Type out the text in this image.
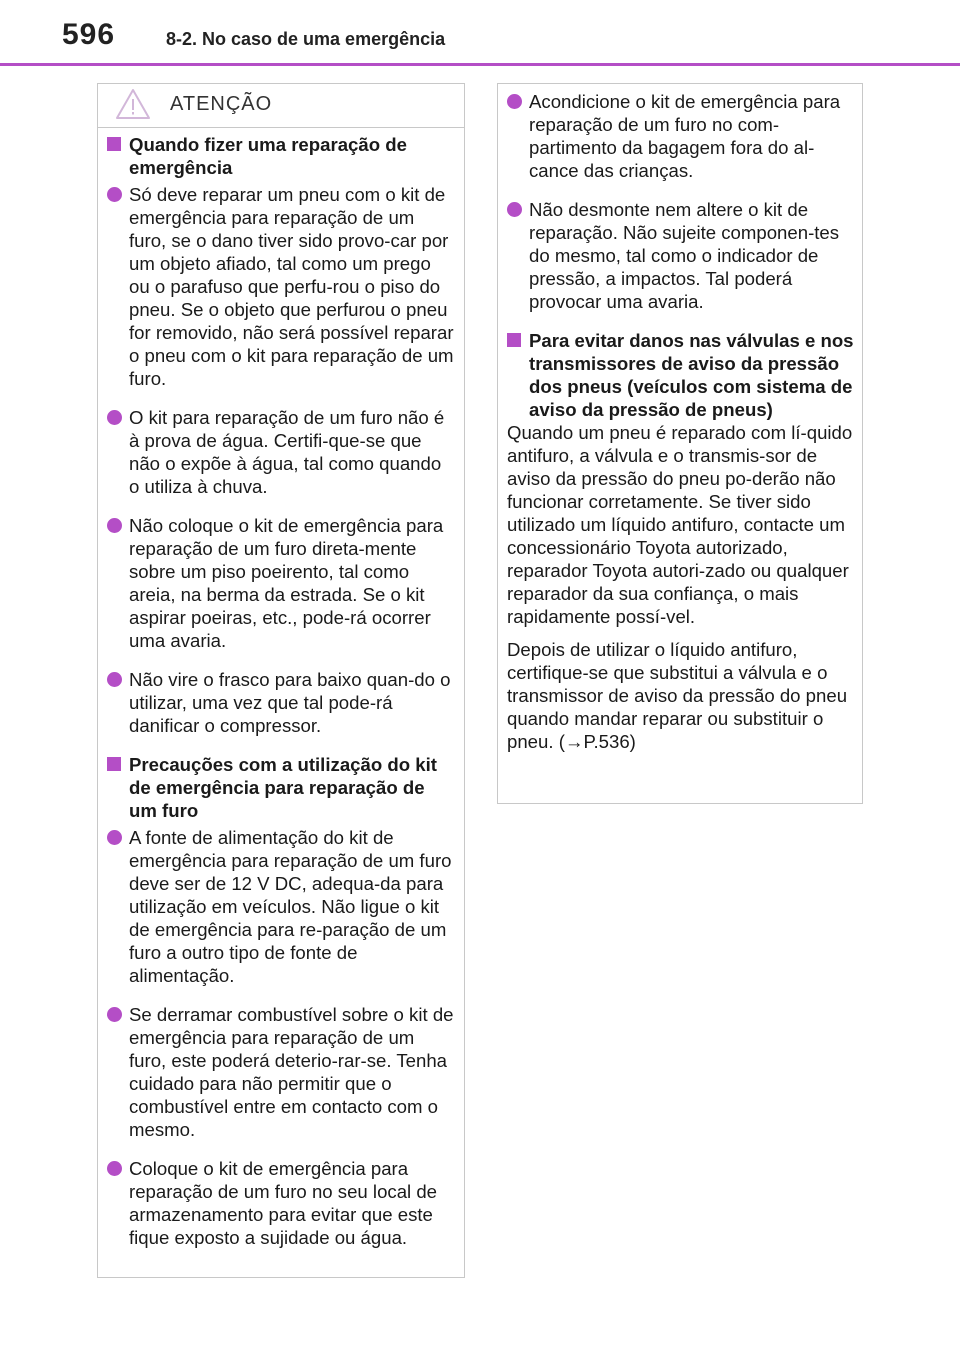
596	8-2. No caso de uma emergência
ATENÇÃO
Quando fizer uma reparação de emergência
Só deve reparar um pneu com o kit de emergência para reparação de um furo, se o dano tiver sido provo-car por um objeto afiado, tal como um prego ou o parafuso que perfu-rou o piso do pneu. Se o objeto que perfurou o pneu for removido, não será possível reparar o pneu com o kit para reparação de um furo.
O kit para reparação de um furo não é à prova de água. Certifi-que-se que não o expõe à água, tal como quando o utiliza à chuva.
Não coloque o kit de emergência para reparação de um furo direta-mente sobre um piso poeirento, tal como areia, na berma da estrada. Se o kit aspirar poeiras, etc., pode-rá ocorrer uma avaria.
Não vire o frasco para baixo quan-do o utilizar, uma vez que tal pode-rá danificar o compressor.
Precauções com a utilização do kit de emergência para reparação de um furo
A fonte de alimentação do kit de emergência para reparação de um furo deve ser de 12 V DC, adequa-da para utilização em veículos. Não ligue o kit de emergência para re-paração de um furo a outro tipo de fonte de alimentação.
Se derramar combustível sobre o kit de emergência para reparação de um furo, este poderá deterio-rar-se. Tenha cuidado para não permitir que o combustível entre em contacto com o mesmo.
Coloque o kit de emergência para reparação de um furo no seu local de armazenamento para evitar que este fique exposto a sujidade ou água.
Acondicione o kit de emergência para reparação de um furo no com-partimento da bagagem fora do al-cance das crianças.
Não desmonte nem altere o kit de reparação. Não sujeite componen-tes do mesmo, tal como o indicador de pressão, a impactos. Tal poderá provocar uma avaria.
Para evitar danos nas válvulas e nos transmissores de aviso da pressão dos pneus (veículos com sistema de aviso da pressão de pneus)

Quando um pneu é reparado com lí-quido antifuro, a válvula e o transmis-sor de aviso da pressão do pneu po-derão não funcionar corretamente. Se tiver sido utilizado um líquido antifuro, contacte um concessionário Toyota autorizado, reparador Toyota autori-zado ou qualquer reparador da sua confiança, o mais rapidamente possí-vel.

Depois de utilizar o líquido antifuro, certifique-se que substitui a válvula e o transmissor de aviso da pressão do pneu quando mandar reparar ou substituir o pneu. (→P.536)
